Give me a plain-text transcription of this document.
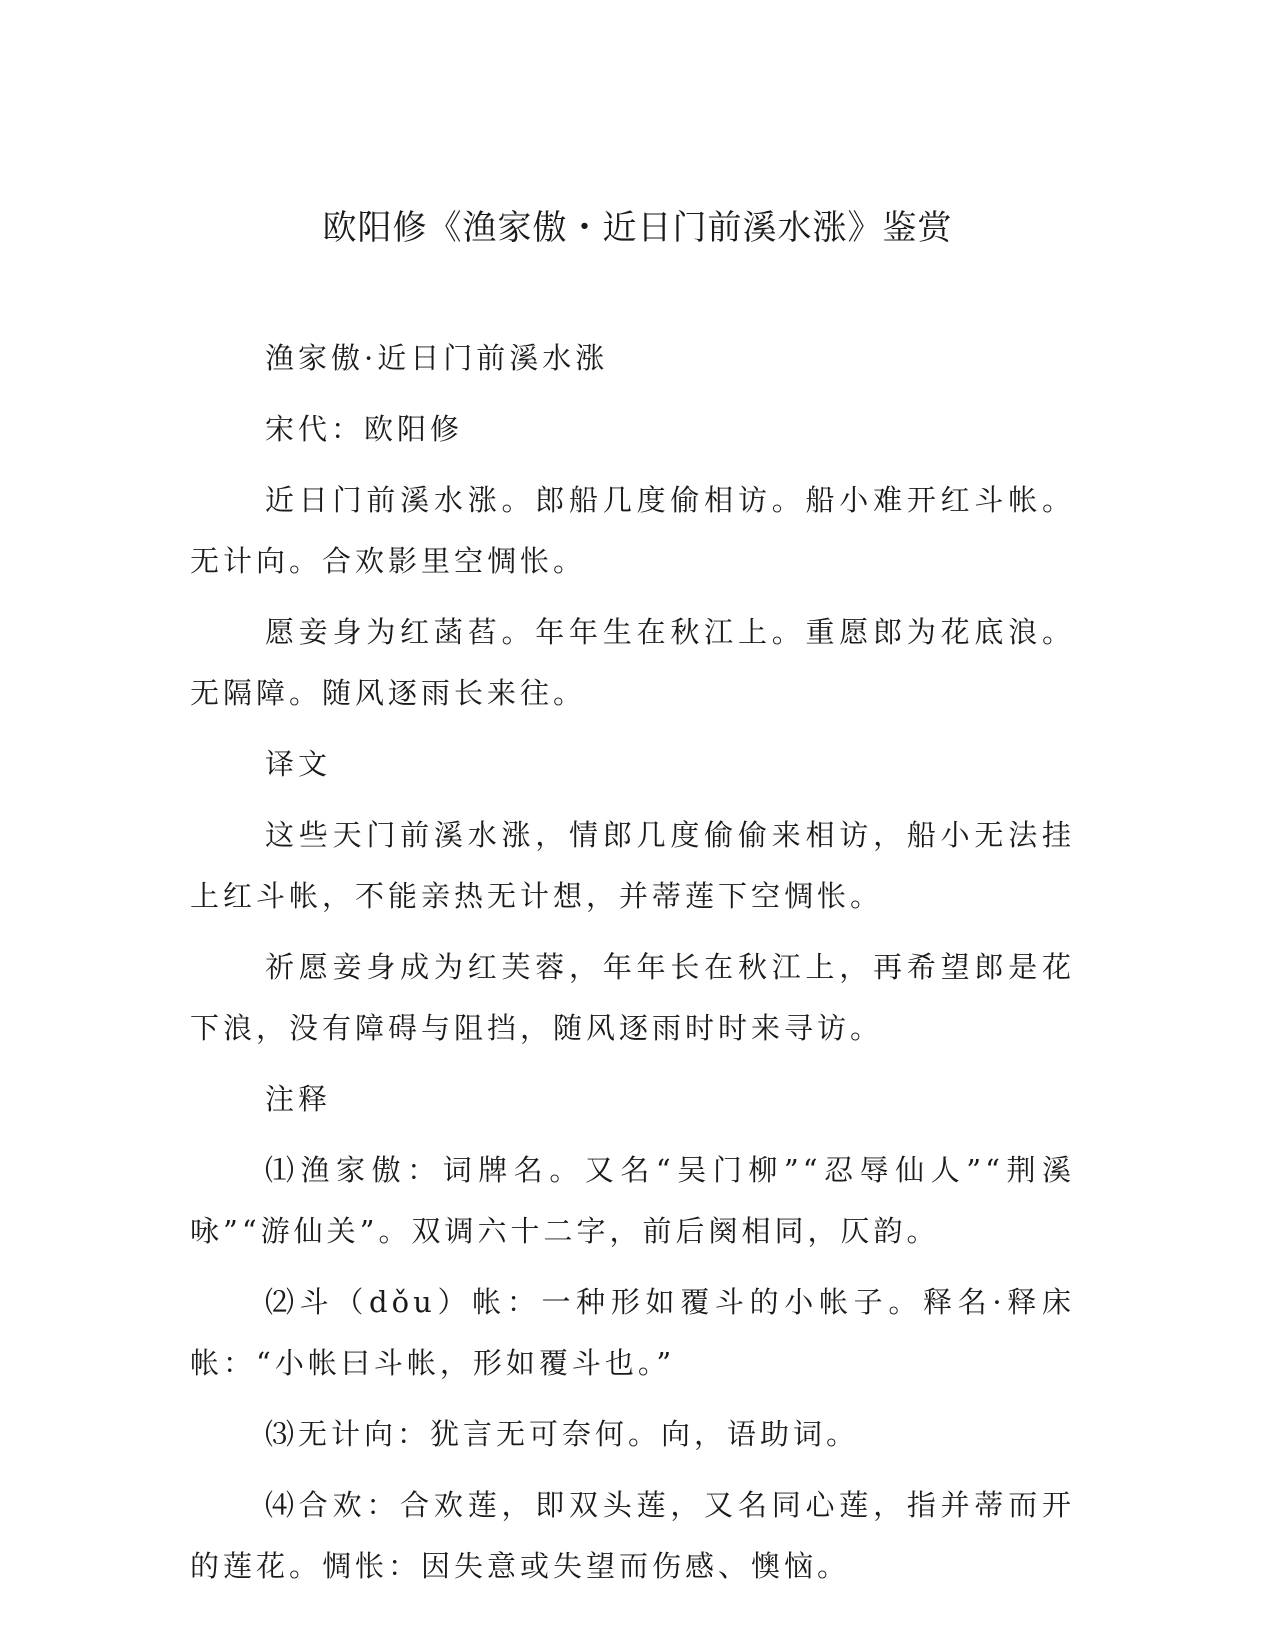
欧阳修《渔家傲・近日门前溪水涨》鉴赏

渔家傲·近日门前溪水涨

宋代：欧阳修

近日门前溪水涨。郎船几度偷相访。船小难开红斗帐。无计向。合欢影里空惆怅。

愿妾身为红菡萏。年年生在秋江上。重愿郎为花底浪。无隔障。随风逐雨长来往。

译文

这些天门前溪水涨，情郎几度偷偷来相访，船小无法挂上红斗帐，不能亲热无计想，并蒂莲下空惆怅。

祈愿妾身成为红芙蓉，年年长在秋江上，再希望郎是花下浪，没有障碍与阻挡，随风逐雨时时来寻访。

注释

⑴渔家傲：词牌名。又名“吴门柳”“忍辱仙人”“荆溪咏”“游仙关”。双调六十二字，前后阕相同，仄韵。

⑵斗（dǒu）帐：一种形如覆斗的小帐子。释名·释床帐：“小帐曰斗帐，形如覆斗也。”

⑶无计向：犹言无可奈何。向，语助词。

⑷合欢：合欢莲，即双头莲，又名同心莲，指并蒂而开的莲花。惆怅：因失意或失望而伤感、懊恼。
